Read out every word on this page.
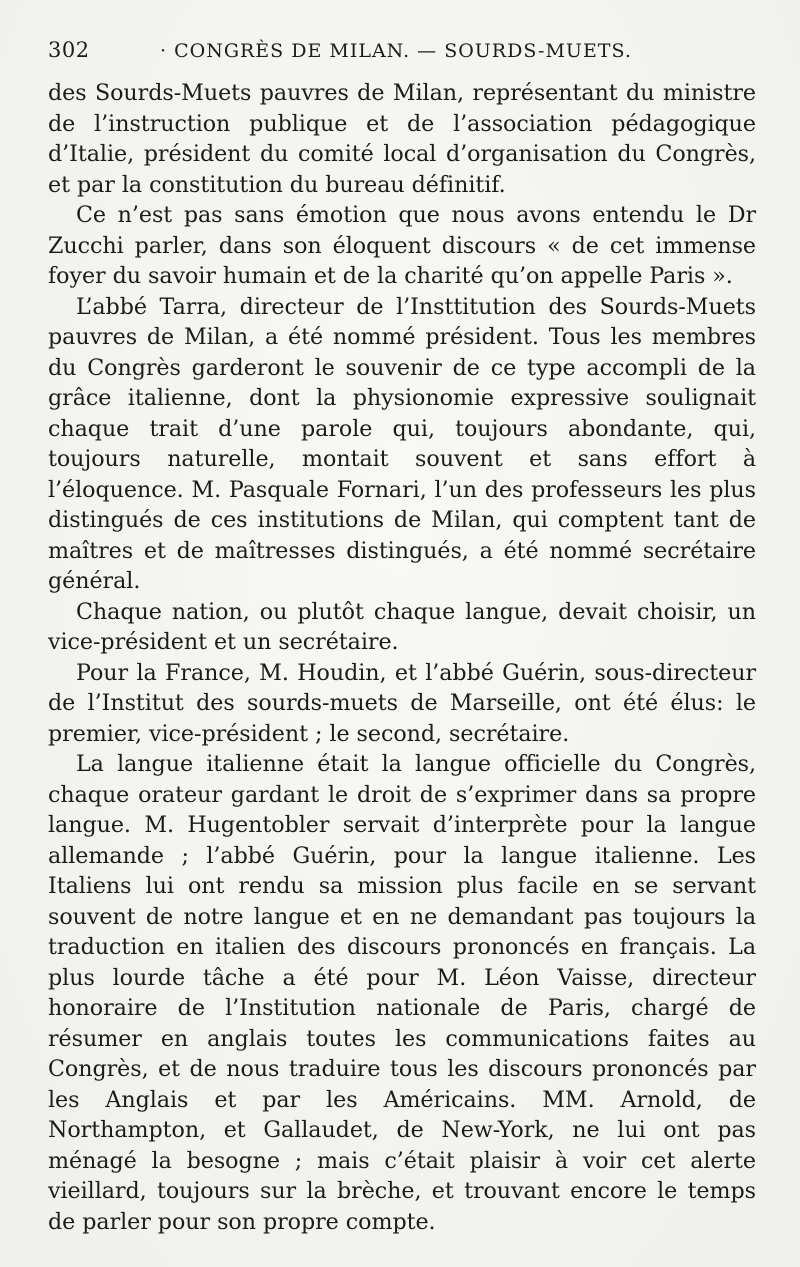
302	· CONGRÈS DE MILAN. — SOURDS-MUETS.

des Sourds-Muets pauvres de Milan, représentant du ministre de l’instruction publique et de l’association pédagogique d’Italie, président du comité local d’organisation du Congrès, et par la constitution du bureau définitif.

Ce n’est pas sans émotion que nous avons entendu le Dr Zucchi parler, dans son éloquent discours « de cet immense foyer du savoir humain et de la charité qu’on appelle Paris ».

L’abbé Tarra, directeur de l’Insttitution des Sourds-Muets pauvres de Milan, a été nommé président. Tous les membres du Congrès garderont le souvenir de ce type accompli de la grâce italienne, dont la physionomie expressive soulignait chaque trait d’une parole qui, toujours abondante, qui, toujours naturelle, montait souvent et sans effort à l’éloquence. M. Pasquale Fornari, l’un des professeurs les plus distingués de ces institutions de Milan, qui comptent tant de maîtres et de maîtresses distingués, a été nommé secrétaire général.

Chaque nation, ou plutôt chaque langue, devait choisir, un vice-président et un secrétaire.

Pour la France, M. Houdin, et l’abbé Guérin, sous-directeur de l’Institut des sourds-muets de Marseille, ont été élus: le premier, vice-président ; le second, secrétaire.

La langue italienne était la langue officielle du Congrès, chaque orateur gardant le droit de s’exprimer dans sa propre langue. M. Hugentobler servait d’interprète pour la langue allemande ; l’abbé Guérin, pour la langue italienne. Les Italiens lui ont rendu sa mission plus facile en se servant souvent de notre langue et en ne demandant pas toujours la traduction en italien des discours prononcés en français. La plus lourde tâche a été pour M. Léon Vaisse, directeur honoraire de l’Institution nationale de Paris, chargé de résumer en anglais toutes les communications faites au Congrès, et de nous traduire tous les discours prononcés par les Anglais et par les Américains. MM. Arnold, de Northampton, et Gallaudet, de New-York, ne lui ont pas ménagé la besogne ; mais c’était plaisir à voir cet alerte vieillard, toujours sur la brèche, et trouvant encore le temps de parler pour son propre compte.
